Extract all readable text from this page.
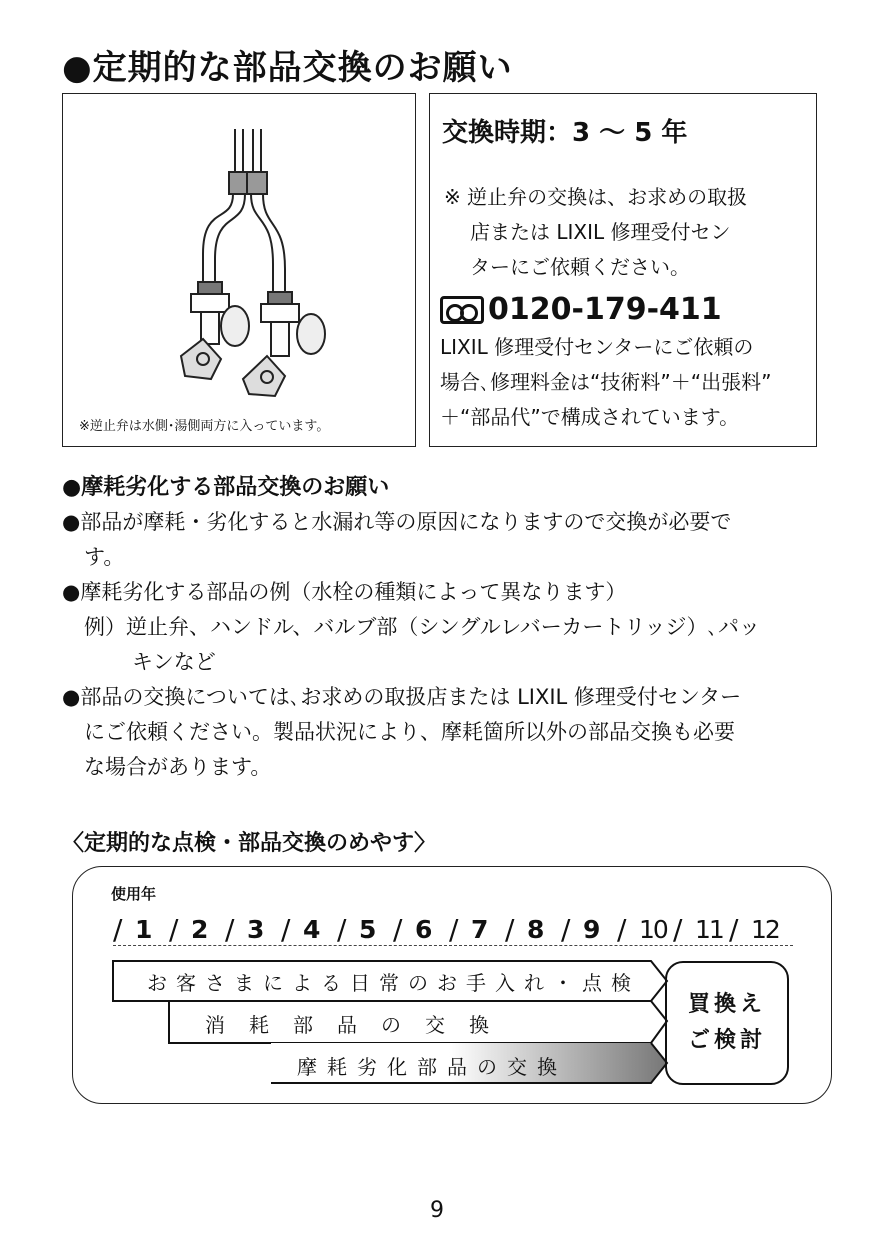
●定期的な部品交換のお願い
※逆止弁は水側･湯側両方に入っています。
交換時期：3 ～ 5 年
※ 逆止弁の交換は、お求めの取扱
店または LIXIL 修理受付セン
ターにご依頼ください。
0120-179-411
LIXIL 修理受付センターにご依頼の
場合､修理料金は“技術料”＋“出張料”
＋“部品代”で構成されています。
●摩耗劣化する部品交換のお願い

●部品が摩耗・劣化すると水漏れ等の原因になりますので交換が必要で

す。

●摩耗劣化する部品の例（水栓の種類によって異なります）

例）逆止弁、ハンドル、バルブ部（シングルレバーカートリッジ）､パッ

キンなど

●部品の交換については､お求めの取扱店または LIXIL 修理受付センター

にご依頼ください。製品状況により、摩耗箇所以外の部品交換も必要

な場合があります。

〈定期的な点検・部品交換のめやす〉
使用年
/ 1 / 2 / 3 / 4 / 5 / 6 / 7 / 8 / 9 / 10 / 11 / 12
お客さまによる日常のお手入れ・点検
消　耗　部　品　の　交　換
摩耗劣化部品の交換
買換え
ご検討
9
